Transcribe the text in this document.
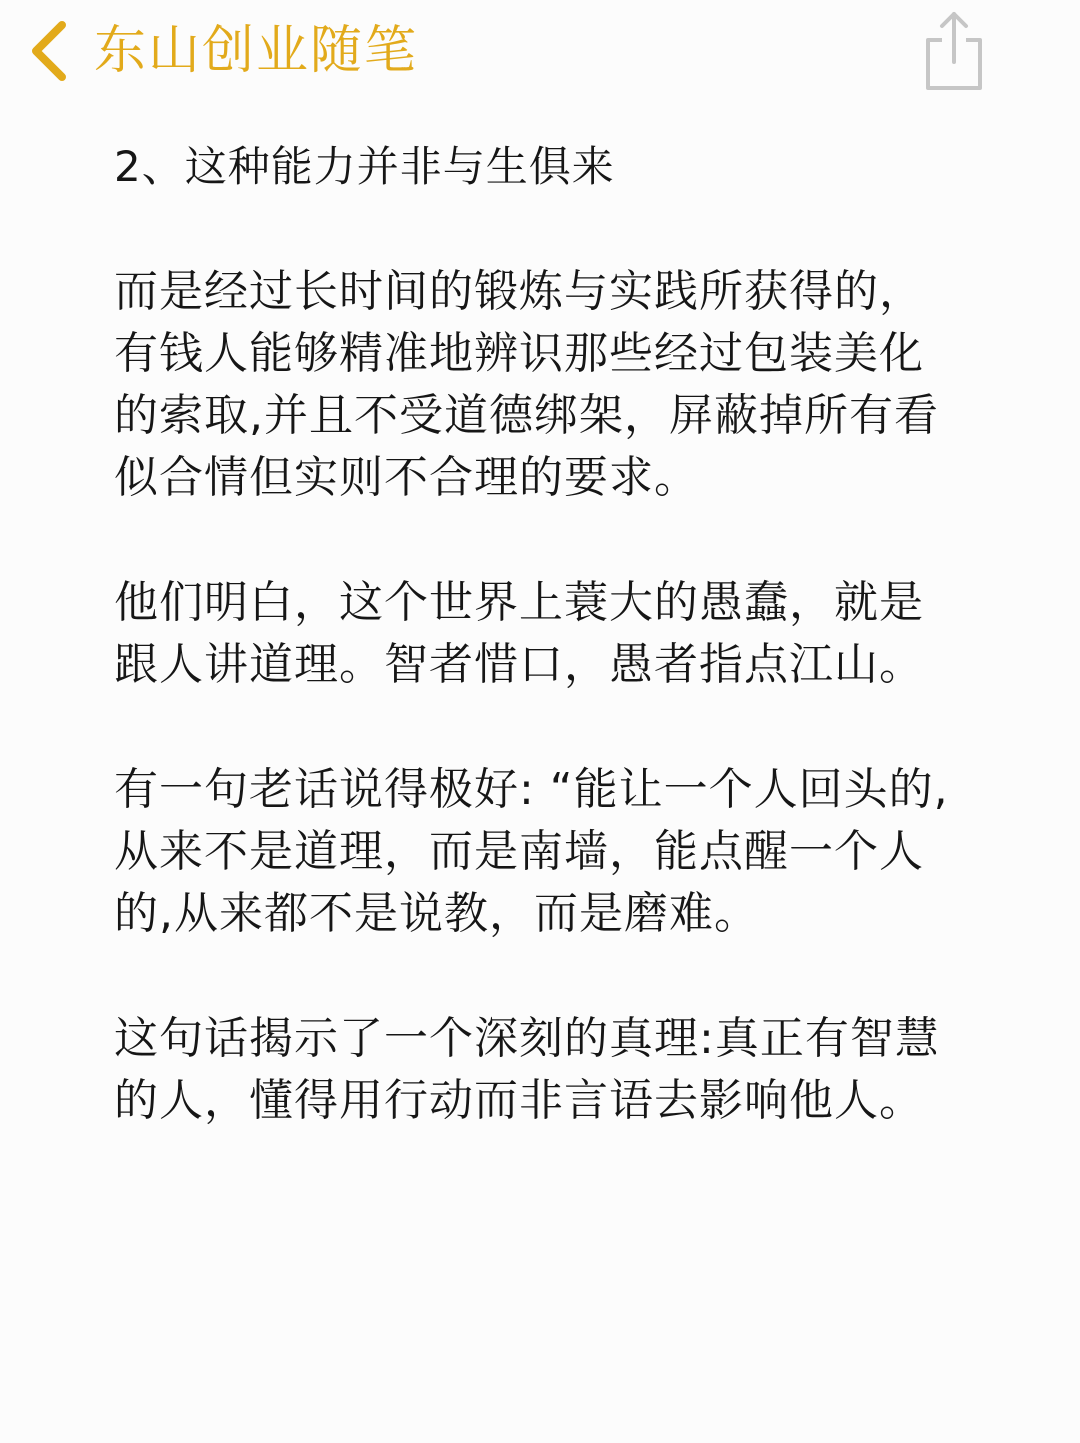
东山创业随笔
2、这种能力并非与生俱来
而是经过长时间的锻炼与实践所获得的，
有钱人能够精准地辨识那些经过包装美化
的索取,并且不受道德绑架，屏蔽掉所有看
似合情但实则不合理的要求。
他们明白，这个世界上蓑大的愚蠢，就是
跟人讲道理。智者惜口，愚者指点江山。
有一句老话说得极好: “能让一个人回头的,
从来不是道理，而是南墙，能点醒一个人
的,从来都不是说教，而是磨难。
这句话揭示了一个深刻的真理:真正有智慧
的人，懂得用行动而非言语去影响他人。
